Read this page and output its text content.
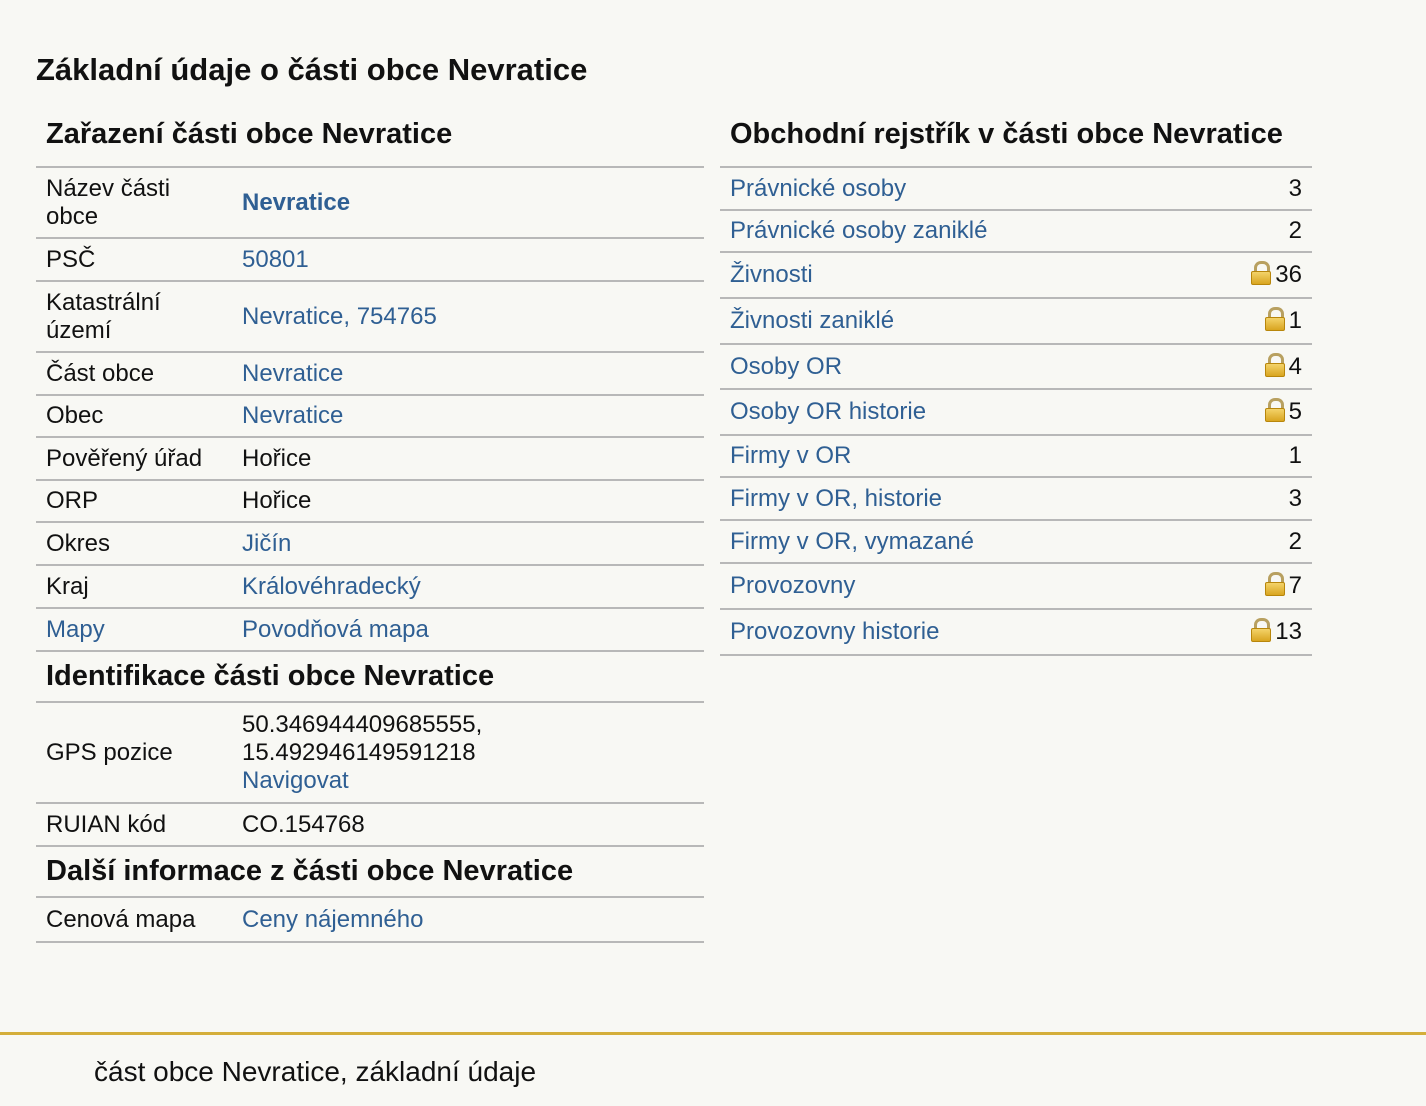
Základní údaje o části obce Nevratice
Zařazení části obce Nevratice
Název části obce	Nevratice
PSČ	50801
Katastrální území	Nevratice, 754765
Část obce	Nevratice
Obec	Nevratice
Pověřený úřad	Hořice
ORP	Hořice
Okres	Jičín
Kraj	Královéhradecký
Mapy	Povodňová mapa
Identifikace části obce Nevratice
GPS pozice	50.346944409685555,
15.492946149591218
Navigovat

RUIAN kód	CO.154768
Další informace z části obce Nevratice
Cenová mapa	Ceny nájemného
Obchodní rejstřík v části obce Nevratice
Právnické osoby	3
Právnické osoby zaniklé	2
Živnosti	36
Živnosti zaniklé	1
Osoby OR	4
Osoby OR historie	5
Firmy v OR	1
Firmy v OR, historie	3
Firmy v OR, vymazané	2
Provozovny	7
Provozovny historie	13
část obce Nevratice, základní údaje
